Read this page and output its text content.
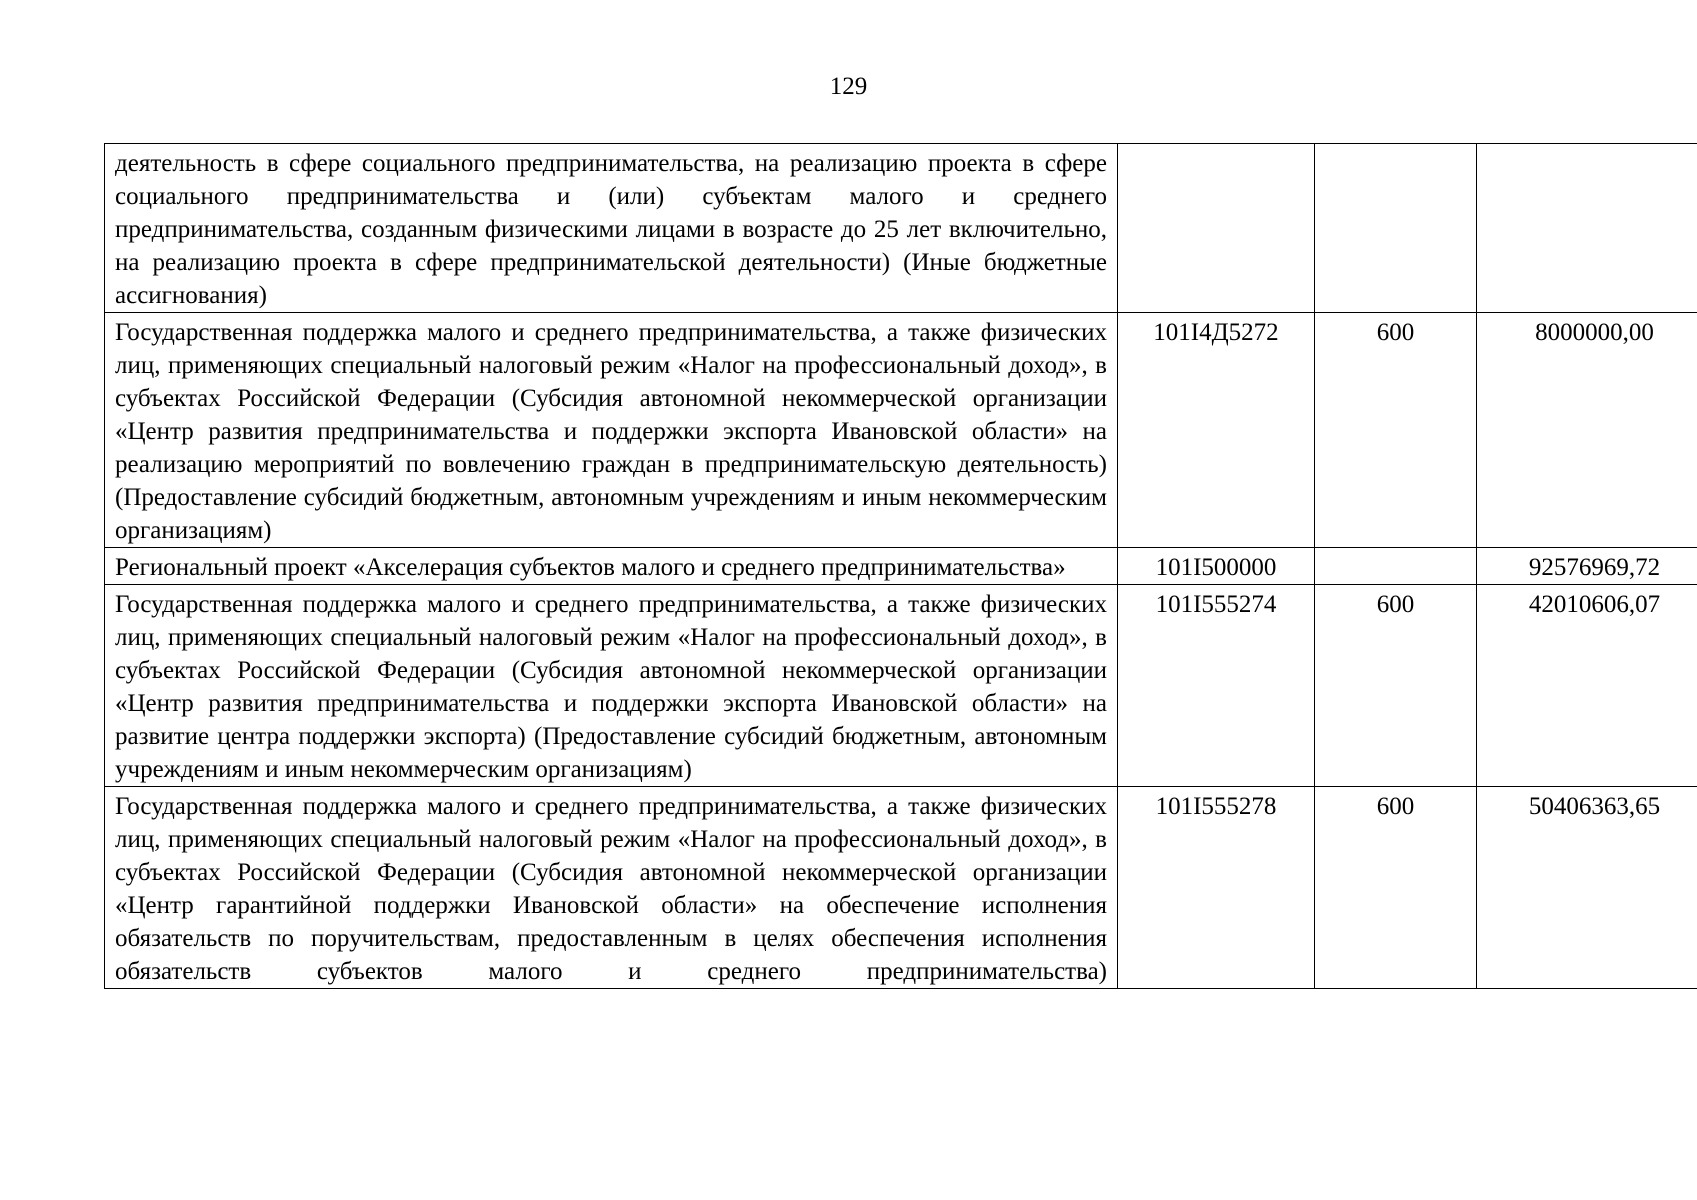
129
деятельность в сфере социального предпринимательства, на реализацию проекта в сфере социального предпринимательства и (или) субъектам малого и среднего предпринимательства, созданным физическими лицами в возрасте до 25 лет включительно, на реализацию проекта в сфере предпринимательской деятельности) (Иные бюджетные ассигнования)			
Государственная поддержка малого и среднего предпринимательства, а также физических лиц, применяющих специальный налоговый режим «Налог на профессиональный доход», в субъектах Российской Федерации (Субсидия автономной некоммерческой организации «Центр развития предпринимательства и поддержки экспорта Ивановской области» на реализацию мероприятий по вовлечению граждан в предпринимательскую деятельность) (Предоставление субсидий бюджетным, автономным учреждениям и иным некоммерческим организациям)	101I4Д5272	600	8000000,00
Региональный проект «Акселерация субъектов малого и среднего предпринимательства»	101I500000		92576969,72
Государственная поддержка малого и среднего предпринимательства, а также физических лиц, применяющих специальный налоговый режим «Налог на профессиональный доход», в субъектах Российской Федерации (Субсидия автономной некоммерческой организации «Центр развития предпринимательства и поддержки экспорта Ивановской области» на развитие центра поддержки экспорта) (Предоставление субсидий бюджетным, автономным учреждениям и иным некоммерческим организациям)	101I555274	600	42010606,07
Государственная поддержка малого и среднего предпринимательства, а также физических лиц, применяющих специальный налоговый режим «Налог на профессиональный доход», в субъектах Российской Федерации (Субсидия автономной некоммерческой организации «Центр гарантийной поддержки Ивановской области» на обеспечение исполнения обязательств по поручительствам, предоставленным в целях обеспечения исполнения обязательств субъектов малого и среднего предпринимательства)	101I555278	600	50406363,65
